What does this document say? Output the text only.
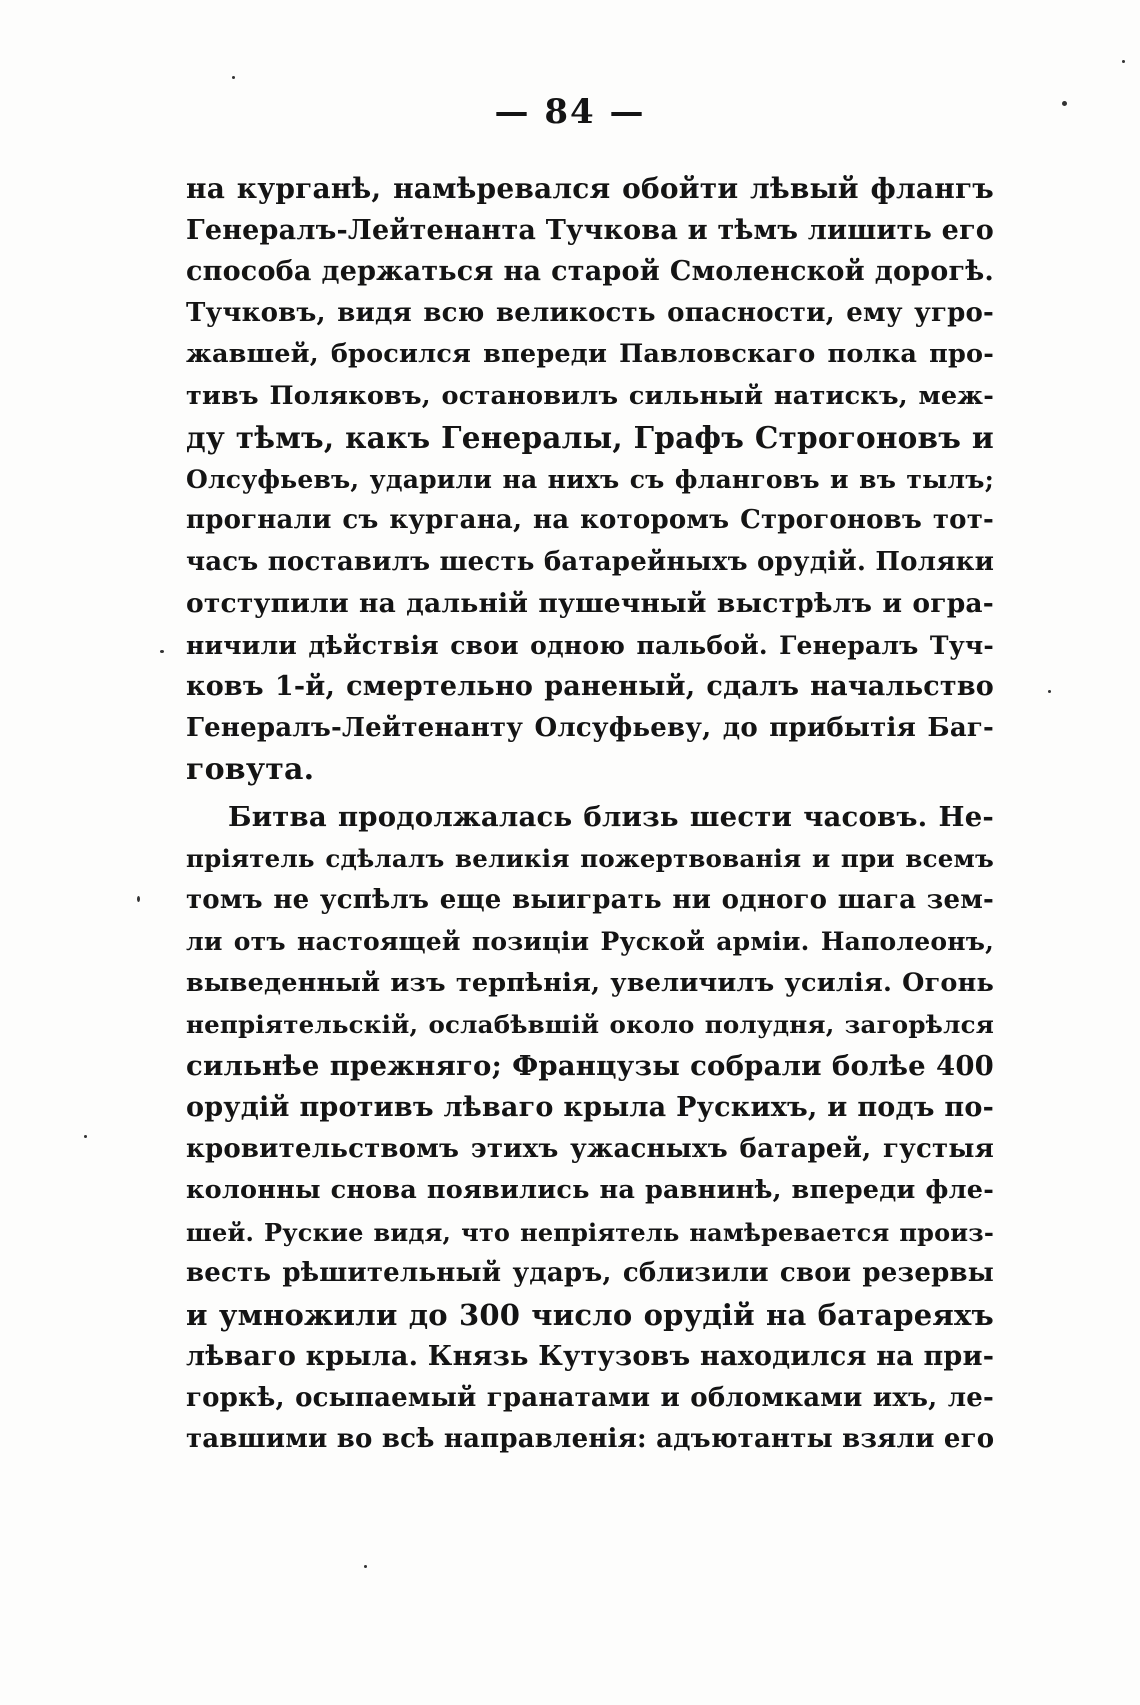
— 84 —
на курганѣ, намѣревался обойти лѣвый флангъ
Генералъ-Лейтенанта Тучкова и тѣмъ лишить его
способа держаться на старой Смоленской дорогѣ.
Тучковъ, видя всю великость опасности, ему угро-
жавшей, бросился впереди Павловскаго полка про-
тивъ Поляковъ, остановилъ сильный натискъ, меж-
ду тѣмъ, какъ Генералы, Графъ Строгоновъ и
Олсуфьевъ, ударили на нихъ съ фланговъ и въ тылъ;
прогнали съ кургана, на которомъ Строгоновъ тот-
часъ поставилъ шесть батарейныхъ орудій. Поляки
отступили на дальній пушечный выстрѣлъ и огра-
ничили дѣйствія свои одною пальбой. Генералъ Туч-
ковъ 1-й, смертельно раненый, сдалъ начальство
Генералъ-Лейтенанту Олсуфьеву, до прибытія Баг-
говута.
Битва продолжалась близь шести часовъ. Не-
пріятель сдѣлалъ великія пожертвованія и при всемъ
томъ не успѣлъ еще выиграть ни одного шага зем-
ли отъ настоящей позиціи Руской арміи. Наполеонъ,
выведенный изъ терпѣнія, увеличилъ усилія. Огонь
непріятельскій, ослабѣвшій около полудня, загорѣлся
сильнѣе прежняго; Французы собрали болѣе 400
орудій противъ лѣваго крыла Рускихъ, и подъ по-
кровительствомъ этихъ ужасныхъ батарей, густыя
колонны снова появились на равнинѣ, впереди фле-
шей. Руские видя, что непріятель намѣревается произ-
весть рѣшительный ударъ, сблизили свои резервы
и умножили до 300 число орудій на батареяхъ
лѣваго крыла. Князь Кутузовъ находился на при-
горкѣ, осыпаемый гранатами и обломками ихъ, ле-
тавшими во всѣ направленія: адъютанты взяли его
